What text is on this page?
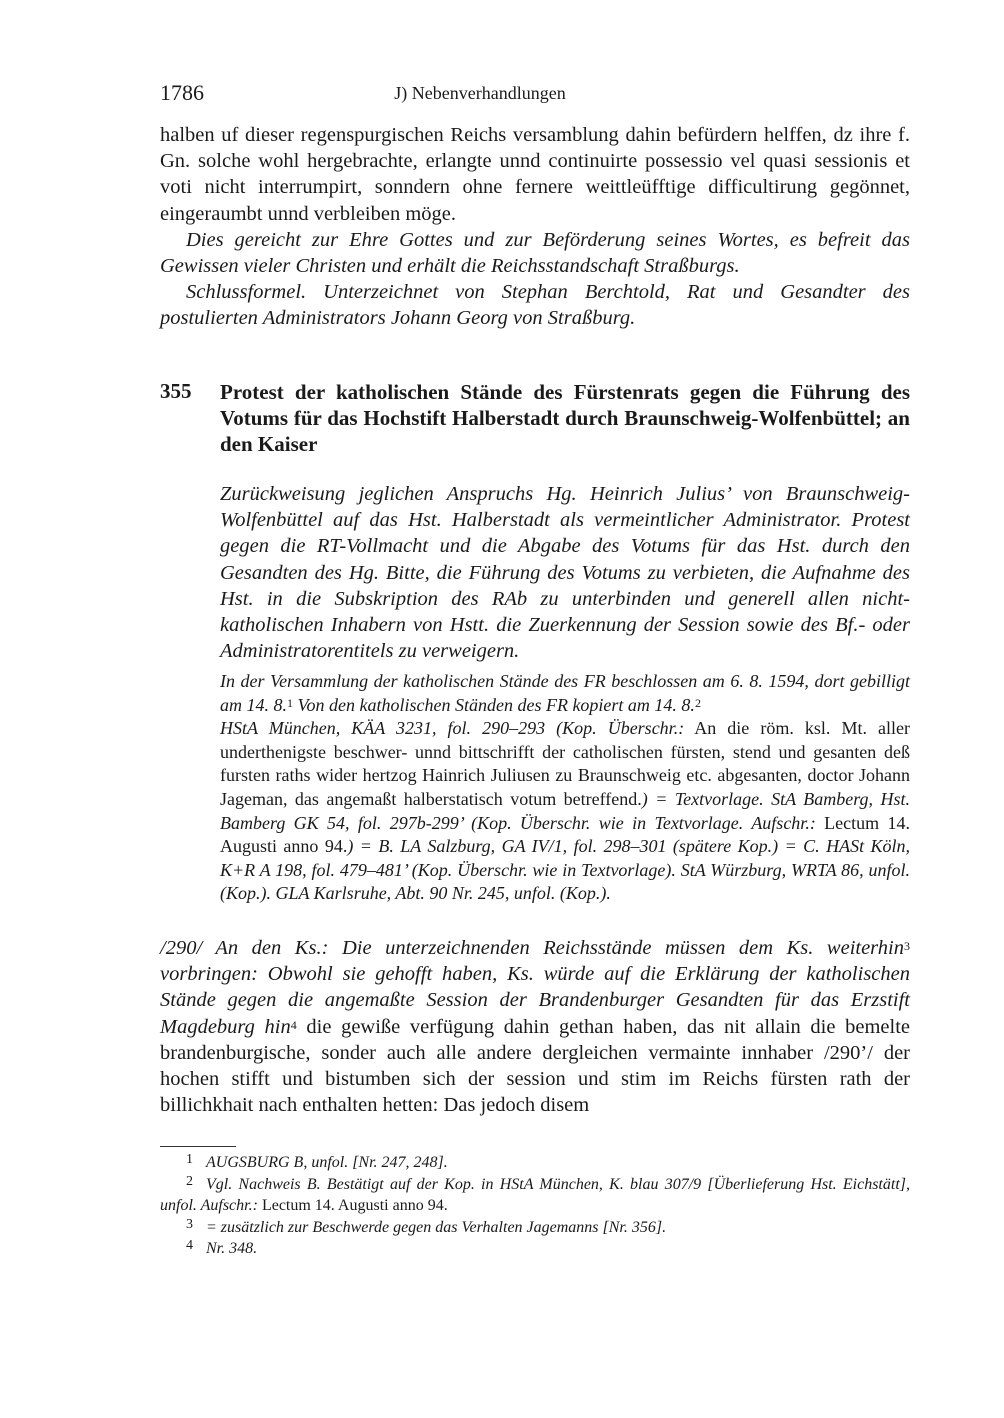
1786	J) Nebenverhandlungen

halben uf dieser regenspurgischen Reichs versamblung dahin befürdern helffen, dz ihre f. Gn. solche wohl hergebrachte, erlangte unnd continuirte possessio vel quasi sessionis et voti nicht interrumpirt, sonndern ohne fernere weittleüfftige difficultirung gegönnet, eingeraumbt unnd verbleiben möge.

Dies gereicht zur Ehre Gottes und zur Beförderung seines Wortes, es befreit das Gewissen vieler Christen und erhält die Reichsstandschaft Straßburgs.

Schlussformel. Unterzeichnet von Stephan Berchtold, Rat und Gesandter des postulierten Administrators Johann Georg von Straßburg.

355 Protest der katholischen Stände des Fürstenrats gegen die Führung des Votums für das Hochstift Halberstadt durch Braunschweig-Wolfenbüttel; an den Kaiser

Zurückweisung jeglichen Anspruchs Hg. Heinrich Julius’ von Braunschweig-Wolfenbüttel auf das Hst. Halberstadt als vermeintlicher Administrator. Protest gegen die RT-Vollmacht und die Abgabe des Votums für das Hst. durch den Gesandten des Hg. Bitte, die Führung des Votums zu verbieten, die Aufnahme des Hst. in die Subskription des RAb zu unterbinden und generell allen nicht-katholischen Inhabern von Hstt. die Zuerkennung der Session sowie des Bf.- oder Administratorentitels zu verweigern.

In der Versammlung der katholischen Stände des FR beschlossen am 6. 8. 1594, dort gebilligt am 14. 8.$^1$ Von den katholischen Ständen des FR kopiert am 14. 8.$^2$

HStA München, KÄA 3231, fol. 290–293 (Kop. Überschr.: An die röm. ksl. Mt. aller underthenigste beschwer- unnd bittschrifft der catholischen fürsten, stend und gesanten deß fursten raths wider hertzog Hainrich Juliusen zu Braunschweig etc. abgesanten, doctor Johann Jageman, das angemaßt halberstatisch votum betreffend.) = Textvorlage. StA Bamberg, Hst. Bamberg GK 54, fol. 297b-299’ (Kop. Überschr. wie in Textvorlage. Aufschr.: Lectum 14. Augusti anno 94.) = B. LA Salzburg, GA IV/1, fol. 298–301 (spätere Kop.) = C. HASt Köln, K+R A 198, fol. 479–481’ (Kop. Überschr. wie in Textvorlage). StA Würzburg, WRTA 86, unfol. (Kop.). GLA Karlsruhe, Abt. 90 Nr. 245, unfol. (Kop.).

/290/ An den Ks.: Die unterzeichnenden Reichsstände müssen dem Ks. weiterhin$^3$ vorbringen: Obwohl sie gehofft haben, Ks. würde auf die Erklärung der katholischen Stände gegen die angemaßte Session der Brandenburger Gesandten für das Erzstift Magdeburg hin$^4$ die gewiße verfügung dahin gethan haben, das nit allain die bemelte brandenburgische, sonder auch alle andere dergleichen vermainte innhaber /290’/ der hochen stifft und bistumben sich der session und stim im Reichs fürsten rath der billichkhait nach enthalten hetten: Das jedoch disem

1 AUGSBURG B, unfol. [Nr. 247, 248].

2 Vgl. Nachweis B. Bestätigt auf der Kop. in HStA München, K. blau 307/9 [Überlieferung Hst. Eichstätt], unfol. Aufschr.: Lectum 14. Augusti anno 94.

3 = zusätzlich zur Beschwerde gegen das Verhalten Jagemanns [Nr. 356].

4 Nr. 348.
